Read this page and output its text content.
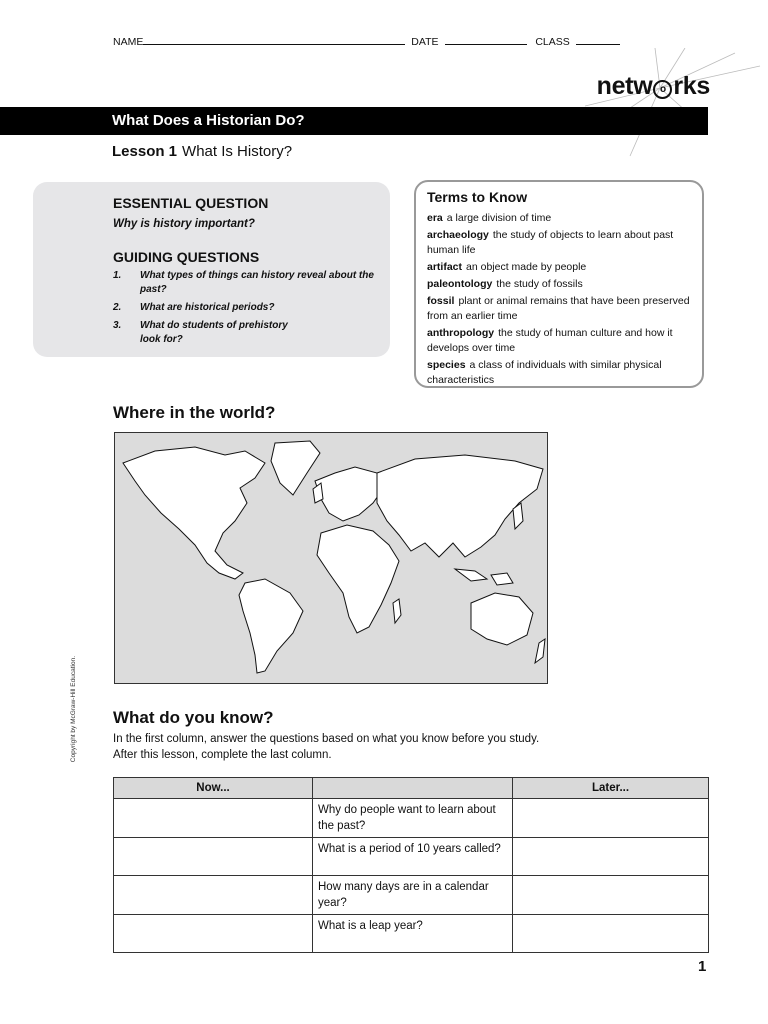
NAME	DATE	CLASS
netw o rks
What Does a Historian Do?
Lesson 1 What Is History?
ESSENTIAL QUESTION
Why is history important?
GUIDING QUESTIONS
1. What types of things can history reveal about the past?
2. What are historical periods?
3. What do students of prehistory look for?
Terms to Know
era a large division of time
archaeology the study of objects to learn about past human life
artifact an object made by people
paleontology the study of fossils
fossil plant or animal remains that have been preserved from an earlier time
anthropology the study of human culture and how it develops over time
species a class of individuals with similar physical characteristics
Where in the world?
What do you know?
In the first column, answer the questions based on what you know before you study.
After this lesson, complete the last column.
Now...		Later...
	Why do people want to learn about the past?	
	What is a period of 10 years called?	
	How many days are in a calendar year?	
	What is a leap year?	
Copyright by McGraw-Hill Education.
1
